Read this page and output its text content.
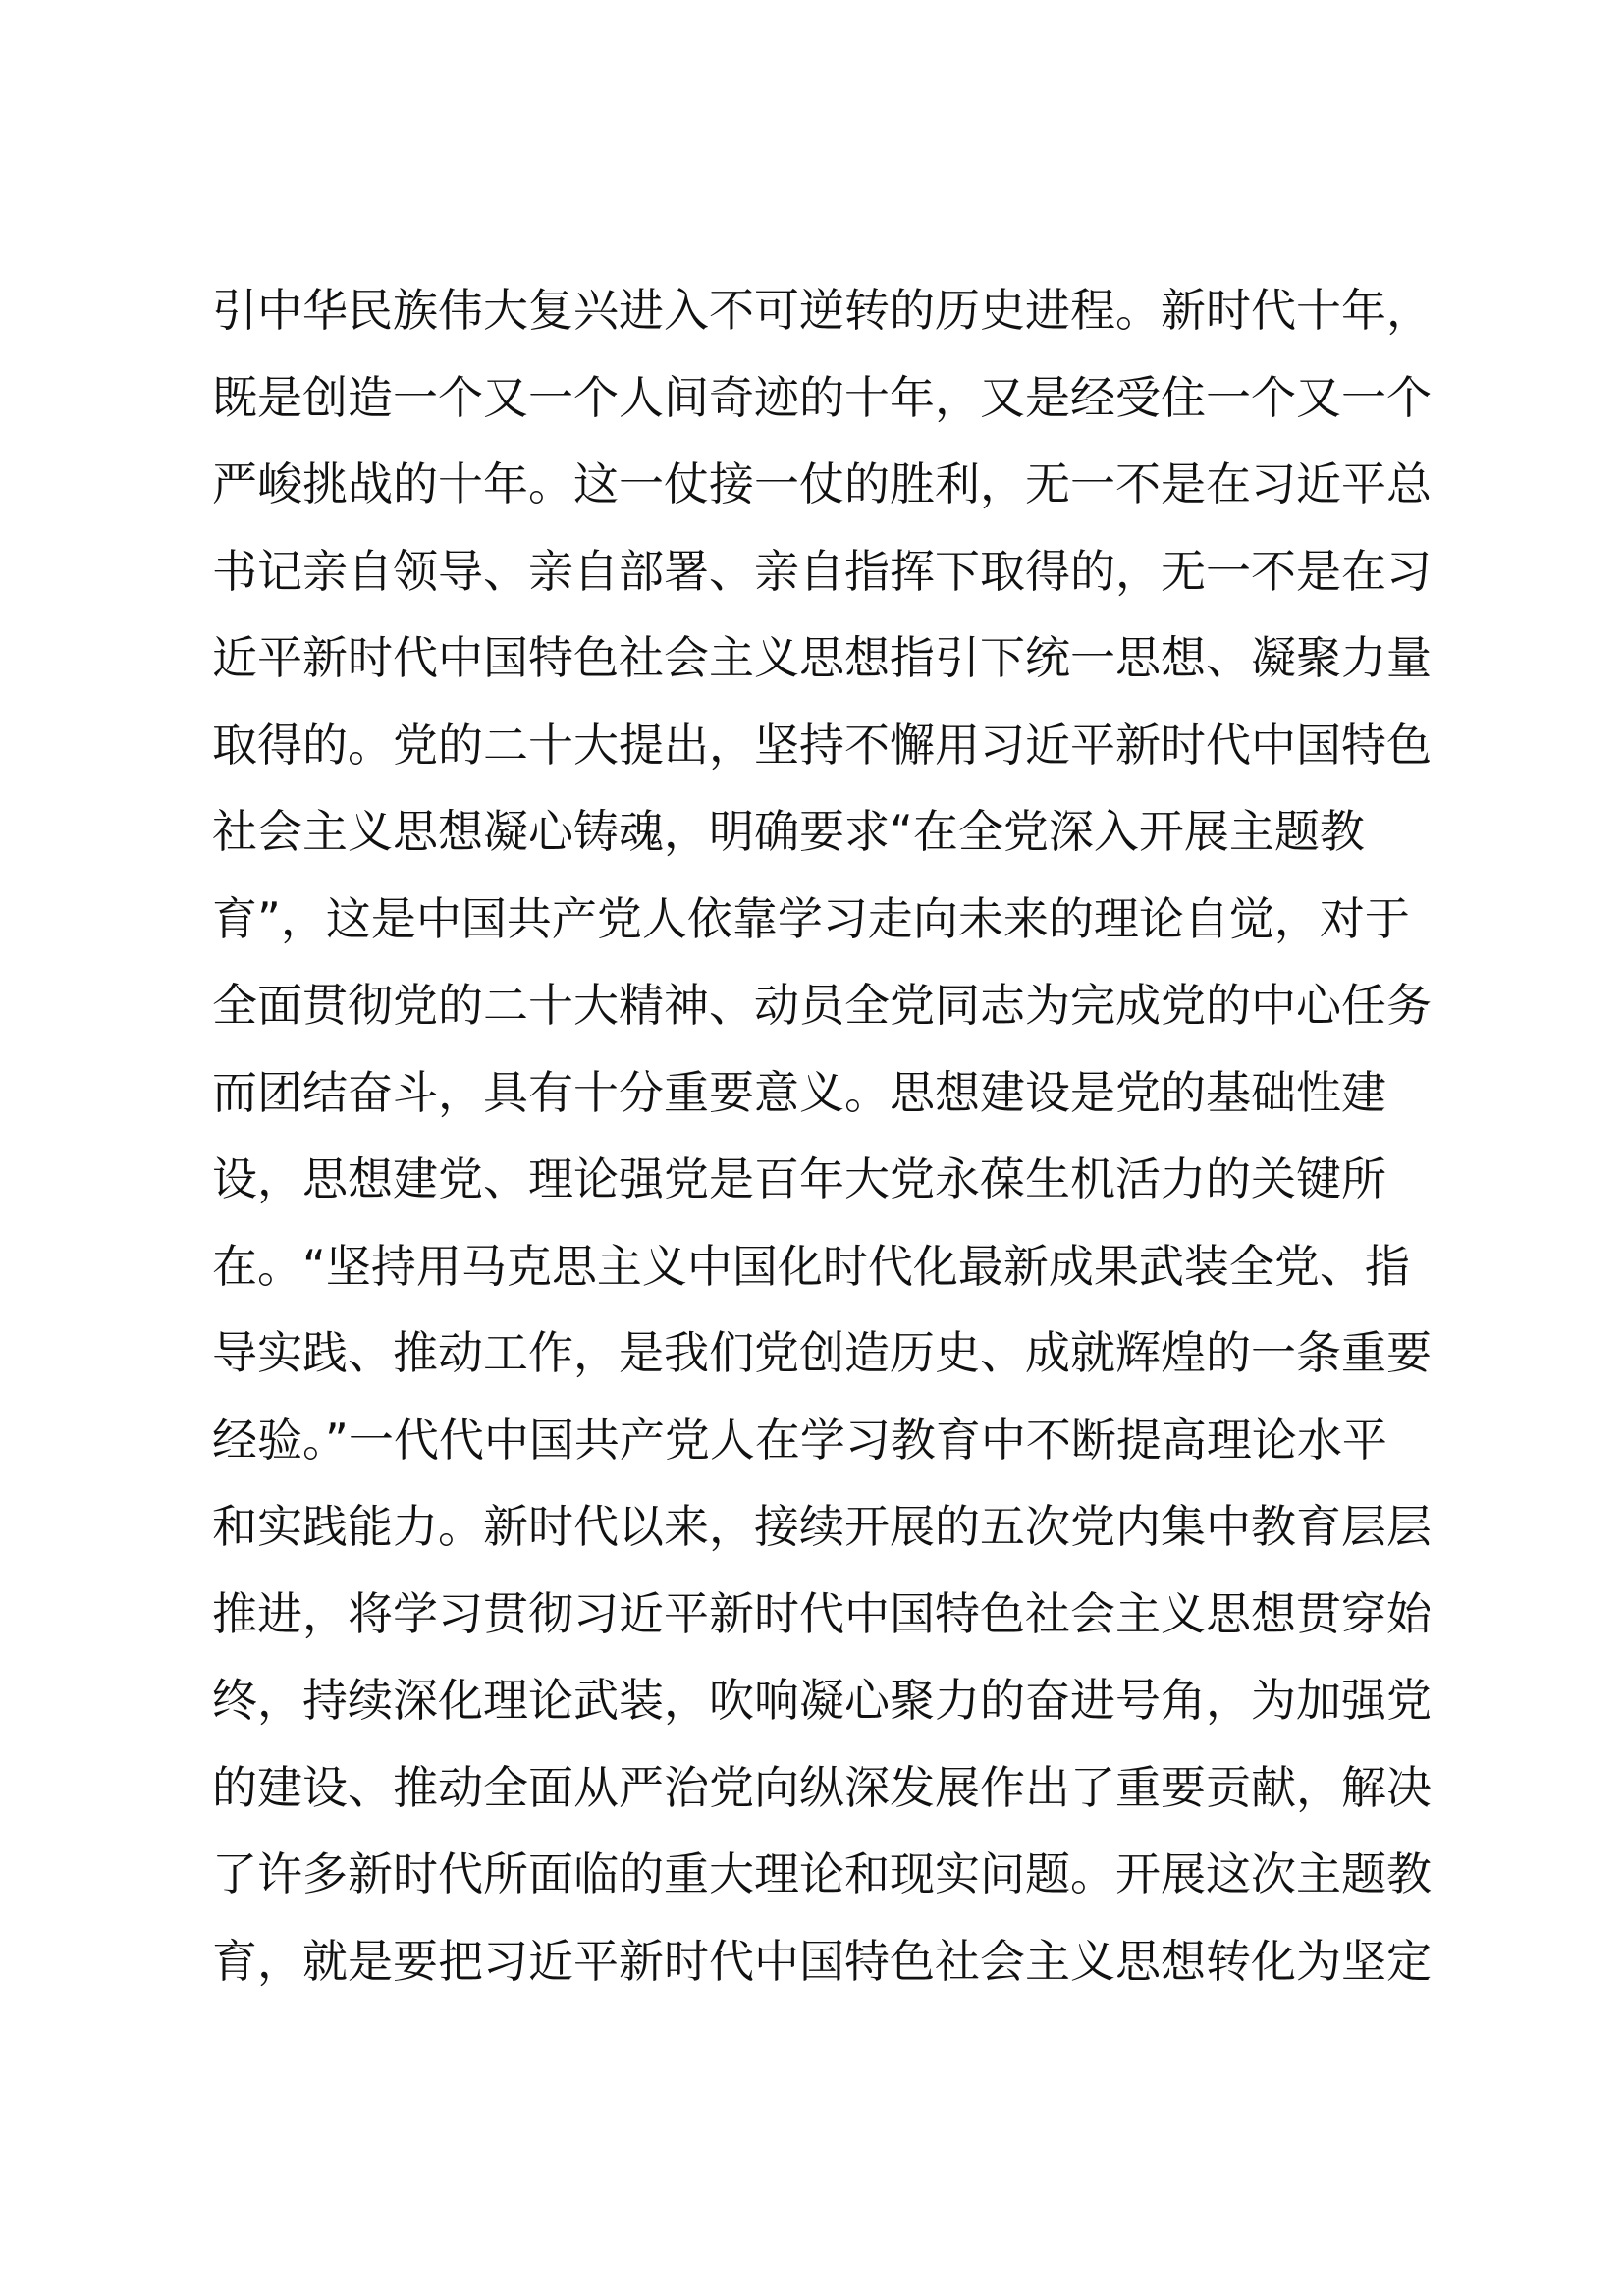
引中华民族伟大复兴进入不可逆转的历史进程。新时代十年，
既是创造一个又一个人间奇迹的十年，又是经受住一个又一个
严峻挑战的十年。这一仗接一仗的胜利，无一不是在习近平总
书记亲自领导、亲自部署、亲自指挥下取得的，无一不是在习
近平新时代中国特色社会主义思想指引下统一思想、凝聚力量
取得的。党的二十大提出，坚持不懈用习近平新时代中国特色
社会主义思想凝心铸魂，明确要求“在全党深入开展主题教
育”，这是中国共产党人依靠学习走向未来的理论自觉，对于
全面贯彻党的二十大精神、动员全党同志为完成党的中心任务
而团结奋斗，具有十分重要意义。思想建设是党的基础性建
设，思想建党、理论强党是百年大党永葆生机活力的关键所
在。“坚持用马克思主义中国化时代化最新成果武装全党、指
导实践、推动工作，是我们党创造历史、成就辉煌的一条重要
经验。”一代代中国共产党人在学习教育中不断提高理论水平
和实践能力。新时代以来，接续开展的五次党内集中教育层层
推进，将学习贯彻习近平新时代中国特色社会主义思想贯穿始
终，持续深化理论武装，吹响凝心聚力的奋进号角，为加强党
的建设、推动全面从严治党向纵深发展作出了重要贡献，解决
了许多新时代所面临的重大理论和现实问题。开展这次主题教
育，就是要把习近平新时代中国特色社会主义思想转化为坚定
